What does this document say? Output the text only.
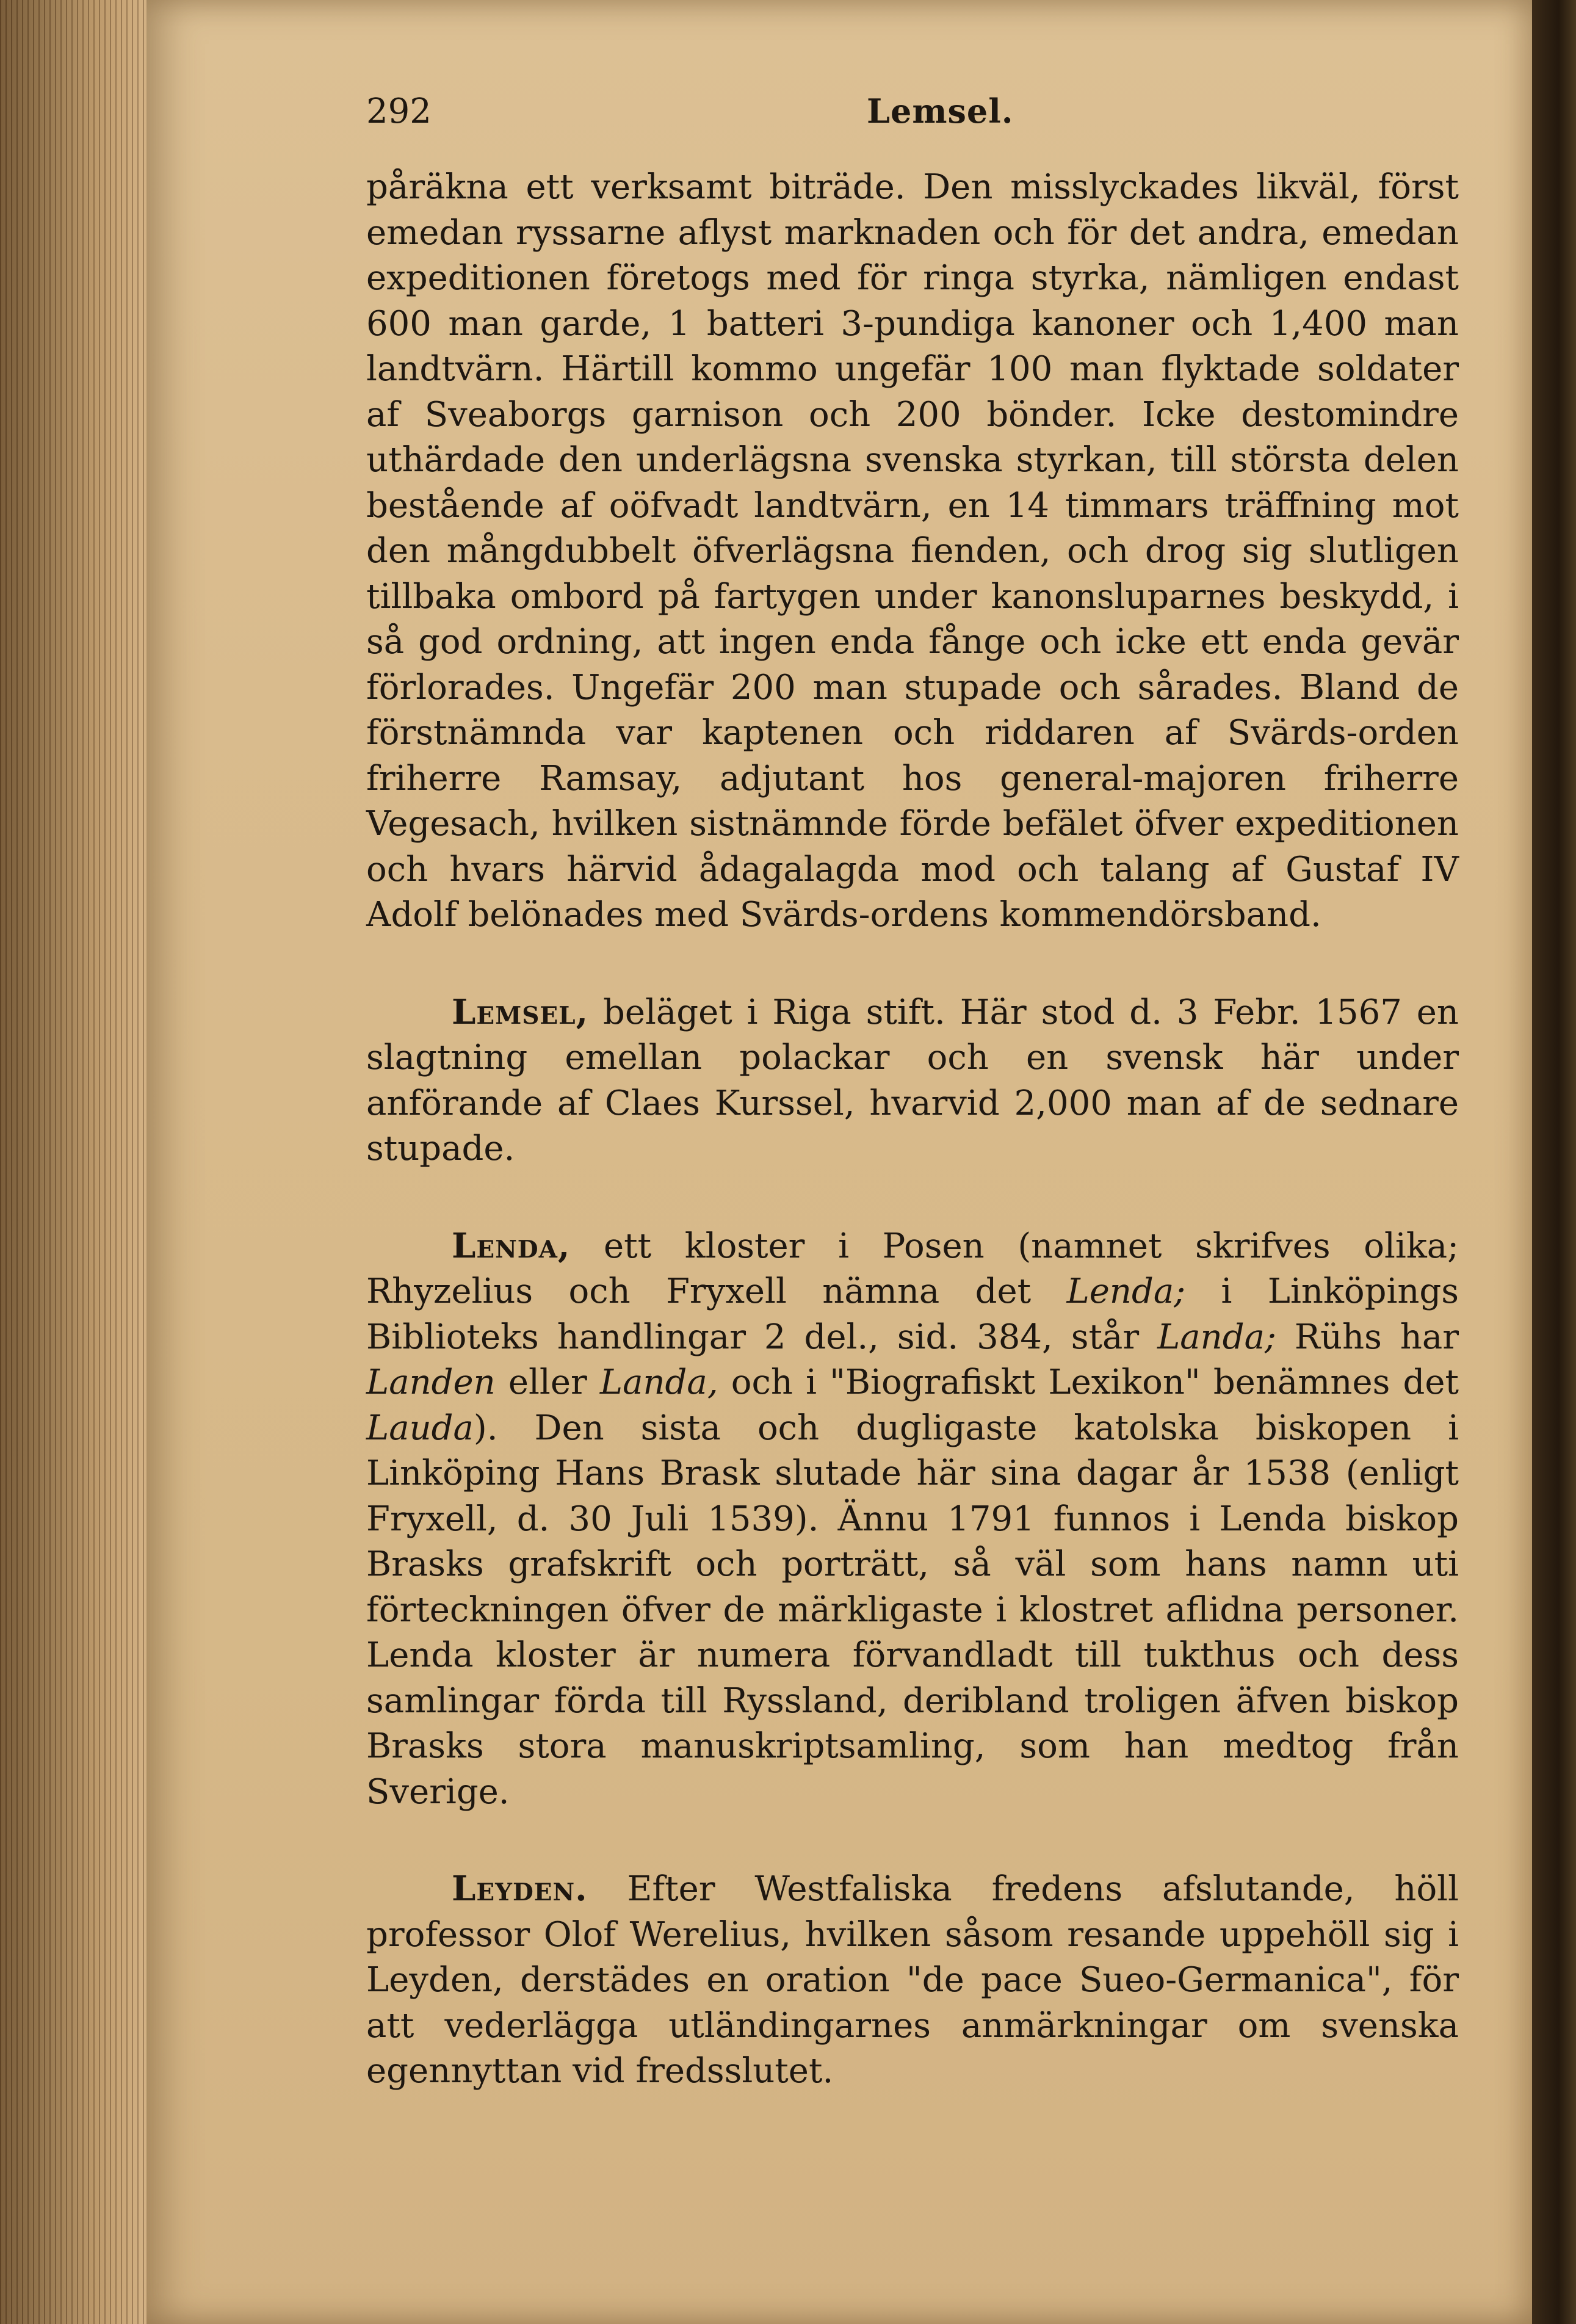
292	Lemsel.

påräkna ett verksamt biträde. Den misslyckades likväl, först emedan ryssarne aflyst marknaden och för det andra, emedan expeditionen företogs med för ringa styrka, nämligen endast 600 man garde, 1 batteri 3-pundiga kanoner och 1,400 man landtvärn. Härtill kommo ungefär 100 man flyktade soldater af Sveaborgs garnison och 200 bönder. Icke destomindre uthärdade den underlägsna svenska styrkan, till största delen bestående af oöfvadt landtvärn, en 14 timmars träffning mot den mångdubbelt öfverlägsna fienden, och drog sig slutligen tillbaka ombord på fartygen under kanonsluparnes beskydd, i så god ordning, att ingen enda fånge och icke ett enda gevär förlorades. Ungefär 200 man stupade och sårades. Bland de förstnämnda var kaptenen och riddaren af Svärds-orden friherre Ramsay, adjutant hos general-majoren friherre Vegesach, hvilken sistnämnde förde befälet öfver expeditionen och hvars härvid ådagalagda mod och talang af Gustaf IV Adolf belönades med Svärds-ordens kommendörsband.

Lemsel, beläget i Riga stift. Här stod d. 3 Febr. 1567 en slagtning emellan polackar och en svensk här under anförande af Claes Kurssel, hvarvid 2,000 man af de sednare stupade.

Lenda, ett kloster i Posen (namnet skrifves olika; Rhyzelius och Fryxell nämna det Lenda; i Linköpings Biblioteks handlingar 2 del., sid. 384, står Landa; Rühs har Landen eller Landa, och i "Biografiskt Lexikon" benämnes det Lauda). Den sista och dugligaste katolska biskopen i Linköping Hans Brask slutade här sina dagar år 1538 (enligt Fryxell, d. 30 Juli 1539). Ännu 1791 funnos i Lenda biskop Brasks grafskrift och porträtt, så väl som hans namn uti förteckningen öfver de märkligaste i klostret aflidna personer. Lenda kloster är numera förvandladt till tukthus och dess samlingar förda till Ryssland, deribland troligen äfven biskop Brasks stora manuskriptsamling, som han medtog från Sverige.

Leyden. Efter Westfaliska fredens afslutande, höll professor Olof Werelius, hvilken såsom resande uppehöll sig i Leyden, derstädes en oration "de pace Sueo-Germanica", för att vederlägga utländingarnes anmärkningar om svenska egennyttan vid fredsslutet.
